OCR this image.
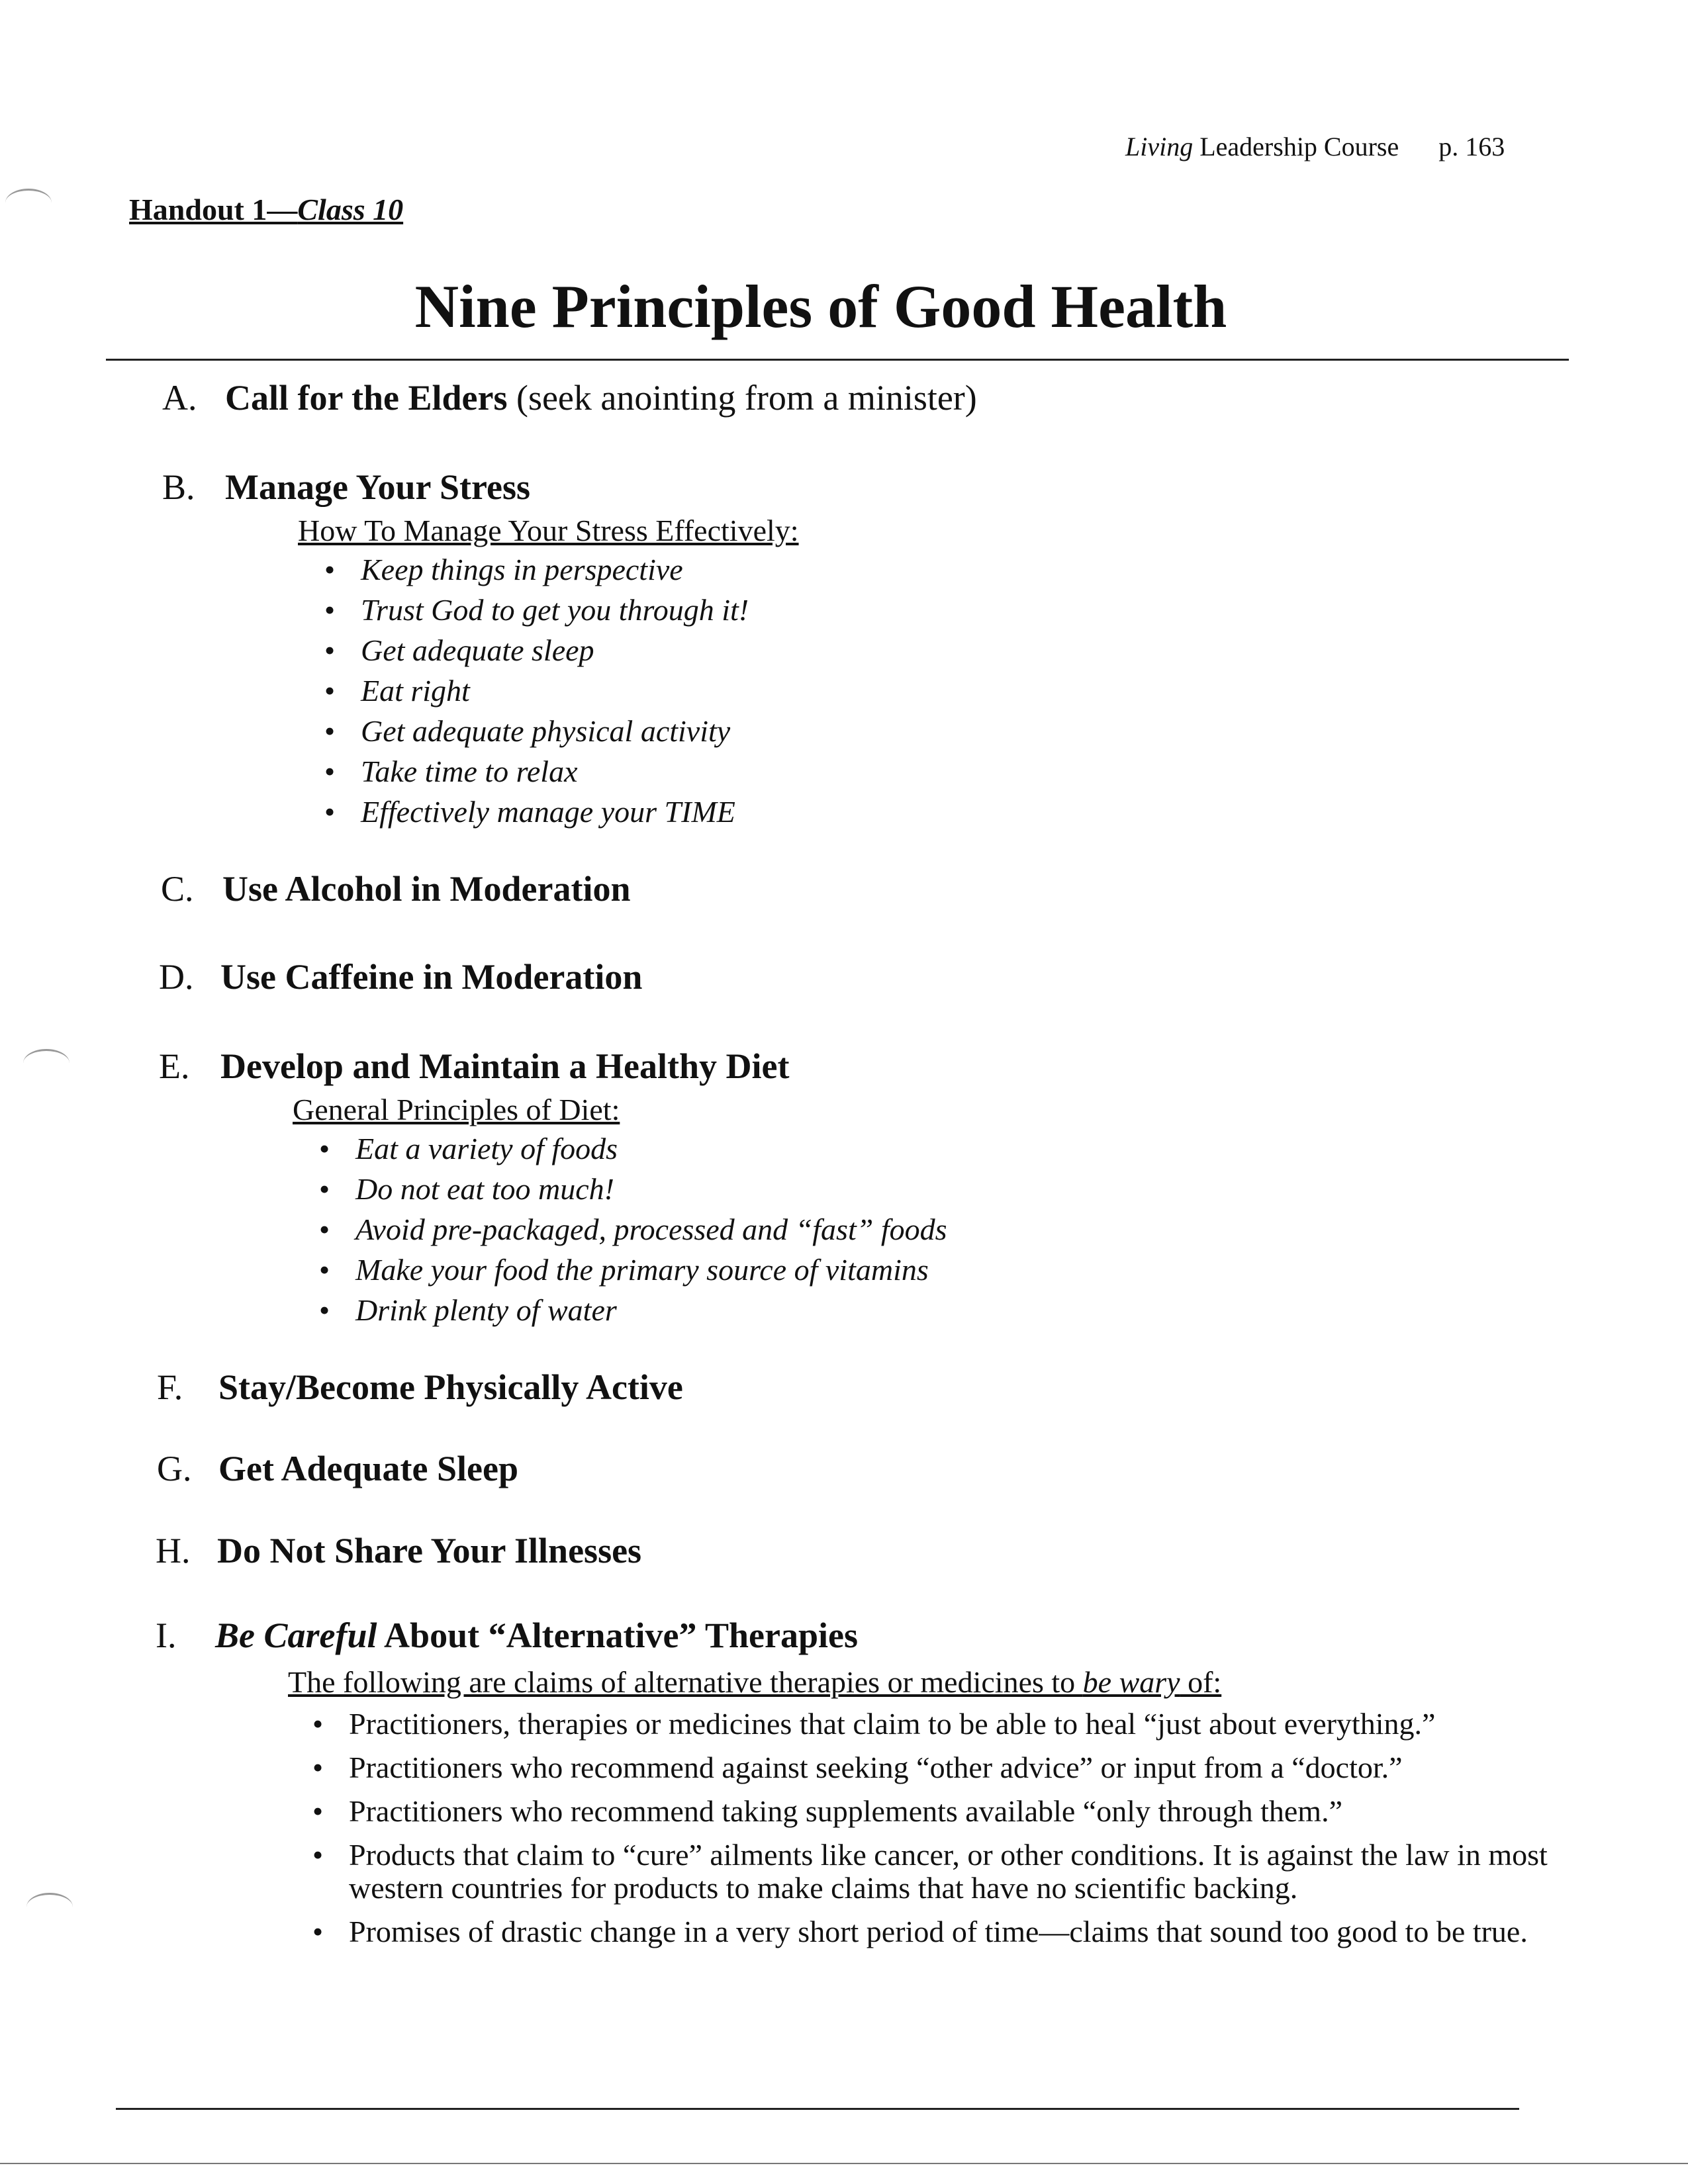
Living Leadership Course p. 163
Handout 1—Class 10
Nine Principles of Good Health
A. Call for the Elders (seek anointing from a minister)
B. Manage Your Stress
How To Manage Your Stress Effectively:
• Keep things in perspective
• Trust God to get you through it!
• Get adequate sleep
• Eat right
• Get adequate physical activity
• Take time to relax
• Effectively manage your TIME
C. Use Alcohol in Moderation
D. Use Caffeine in Moderation
E. Develop and Maintain a Healthy Diet
General Principles of Diet:
• Eat a variety of foods
• Do not eat too much!
• Avoid pre-packaged, processed and “fast” foods
• Make your food the primary source of vitamins
• Drink plenty of water
F. Stay/Become Physically Active
G. Get Adequate Sleep
H. Do Not Share Your Illnesses
I. Be Careful About “Alternative” Therapies
The following are claims of alternative therapies or medicines to be wary of:
• Practitioners, therapies or medicines that claim to be able to heal “just about everything.”
• Practitioners who recommend against seeking “other advice” or input from a “doctor.”
• Practitioners who recommend taking supplements available “only through them.”
• Products that claim to “cure” ailments like cancer, or other conditions. It is against the law in most western countries for products to make claims that have no scientific backing.
• Promises of drastic change in a very short period of time—claims that sound too good to be true.
